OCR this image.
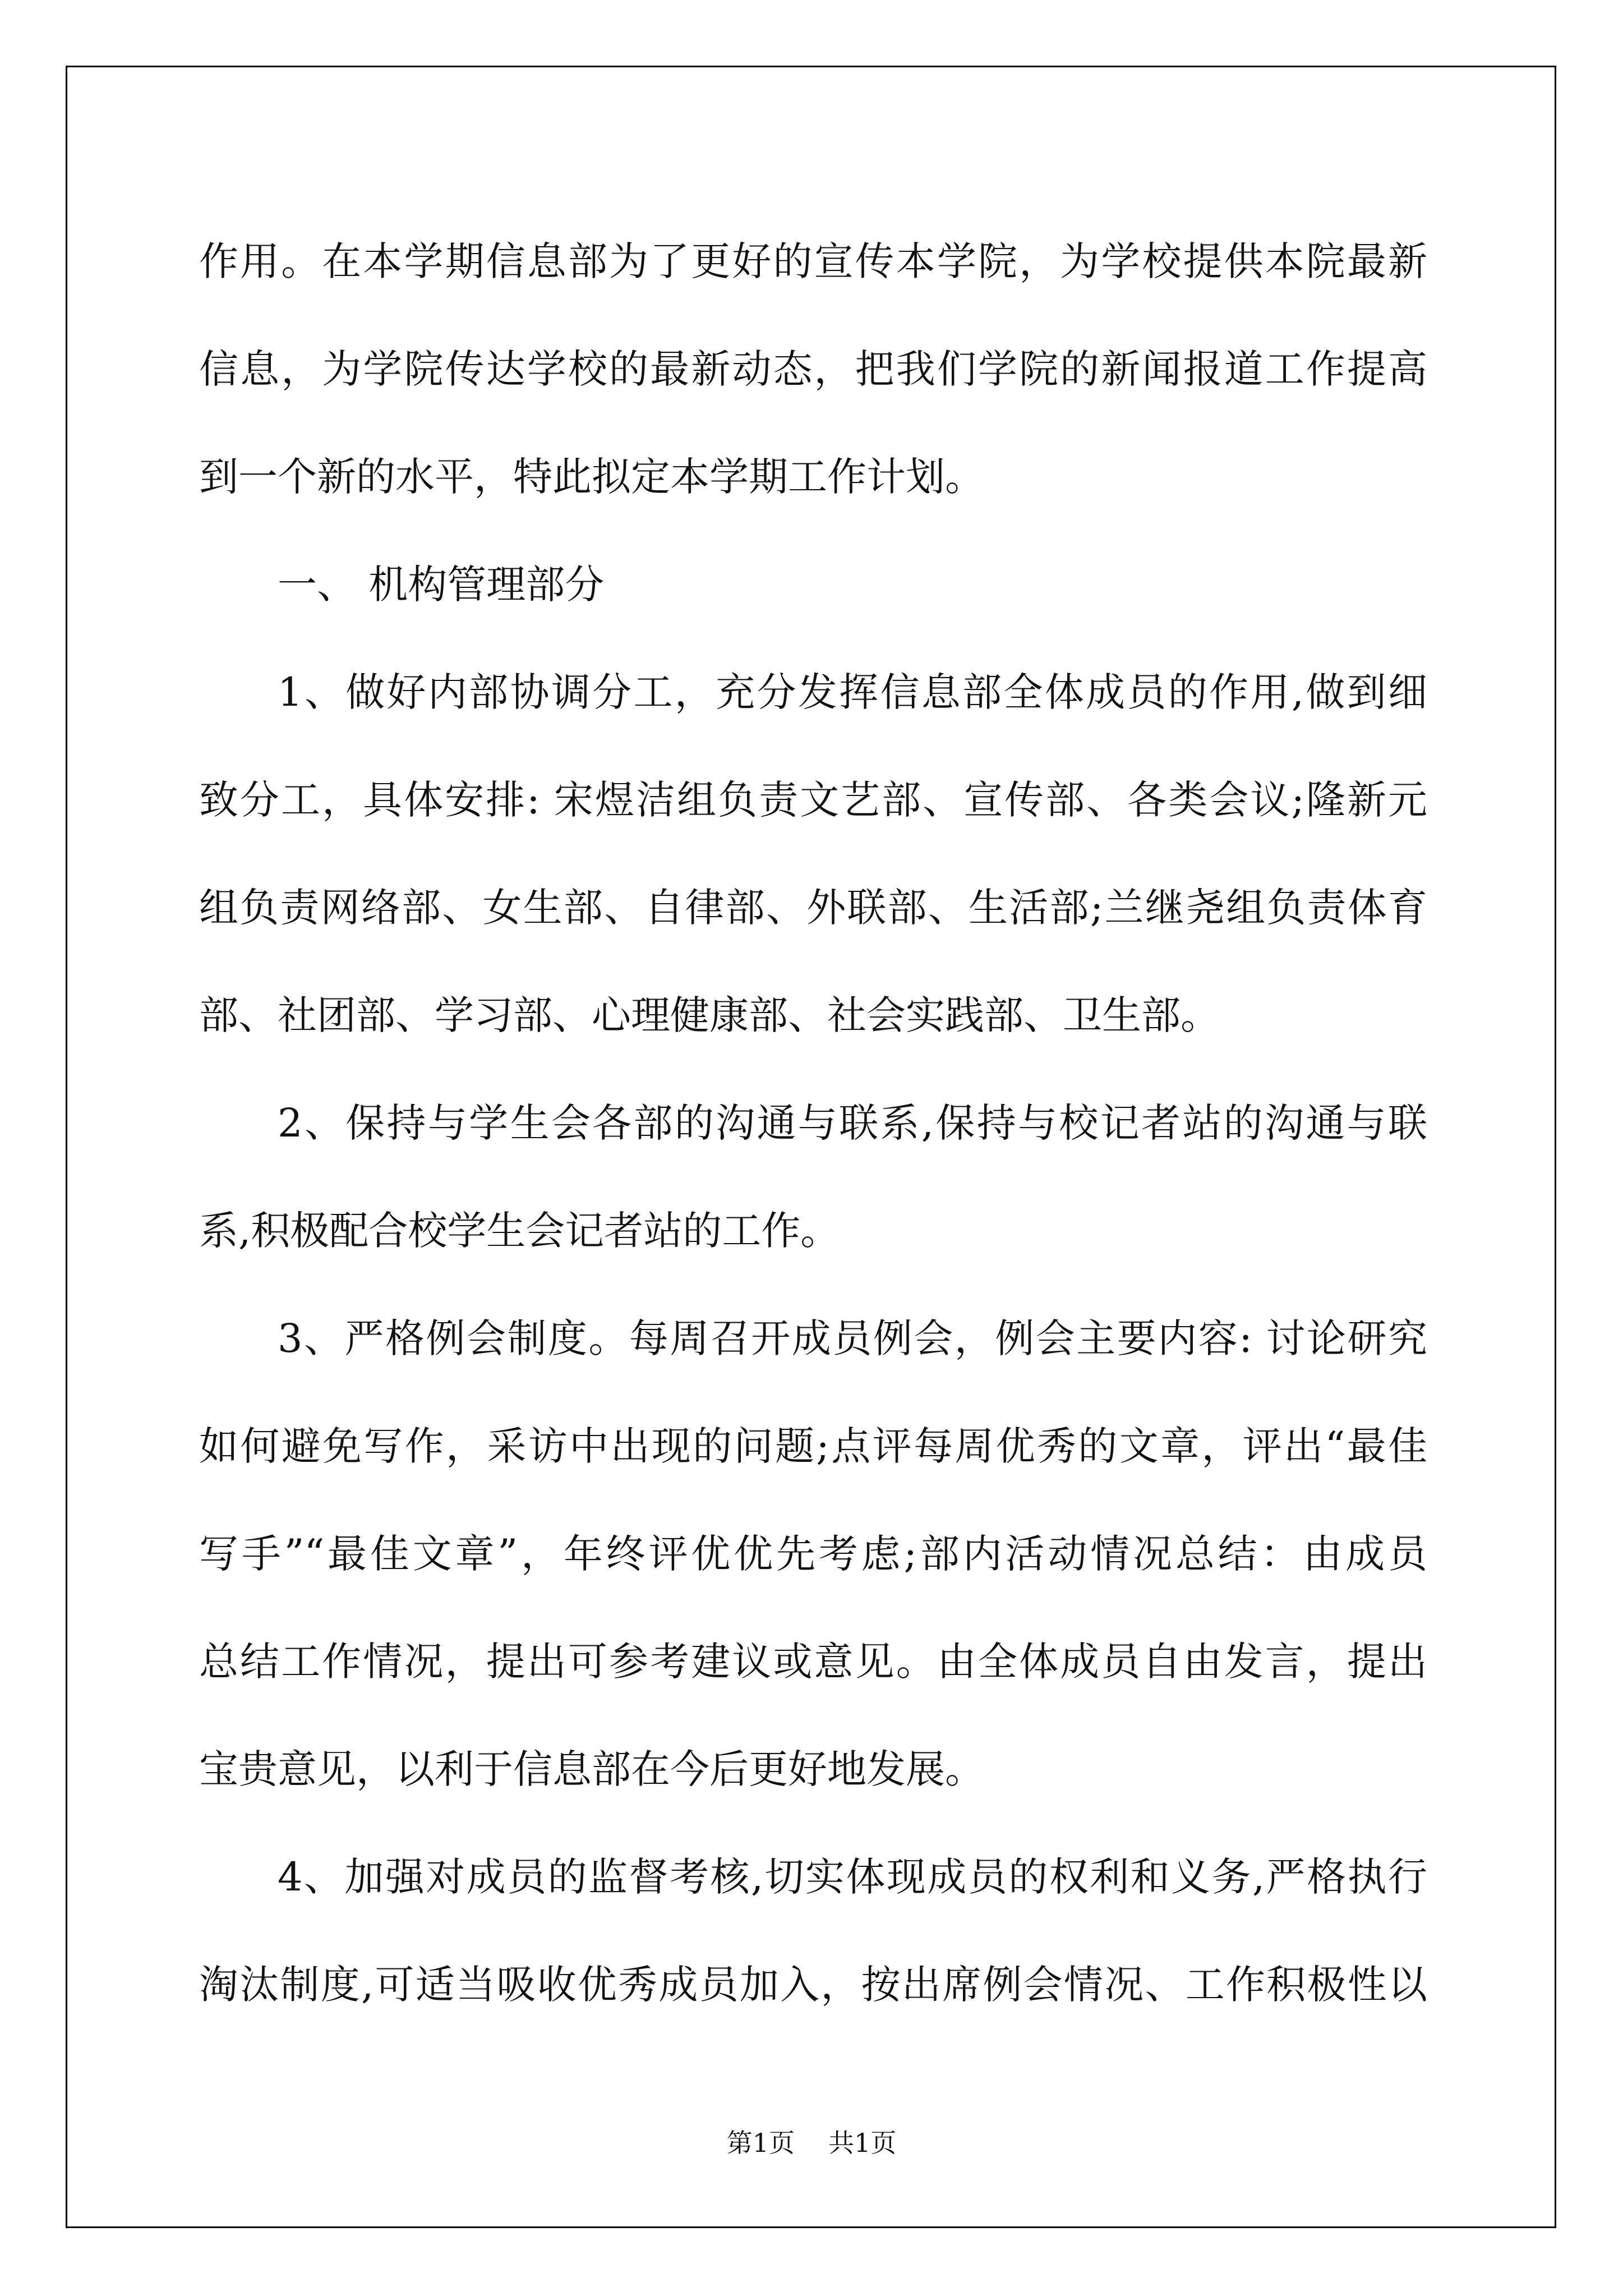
作用。在本学期信息部为了更好的宣传本学院，为学校提供本院最新
信息，为学院传达学校的最新动态，把我们学院的新闻报道工作提高
到一个新的水平，特此拟定本学期工作计划。
一、 机构管理部分
1、做好内部协调分工，充分发挥信息部全体成员的作用,做到细
致分工，具体安排: 宋煜洁组负责文艺部、宣传部、各类会议;隆新元
组负责网络部、女生部、自律部、外联部、生活部;兰继尧组负责体育
部、社团部、学习部、心理健康部、社会实践部、卫生部。
2、保持与学生会各部的沟通与联系,保持与校记者站的沟通与联
系,积极配合校学生会记者站的工作。
3、严格例会制度。每周召开成员例会，例会主要内容: 讨论研究
如何避免写作，采访中出现的问题;点评每周优秀的文章，评出“最佳
写手”“最佳文章”，年终评优优先考虑;部内活动情况总结：由成员
总结工作情况，提出可参考建议或意见。由全体成员自由发言，提出
宝贵意见，以利于信息部在今后更好地发展。
4、加强对成员的监督考核,切实体现成员的权利和义务,严格执行
淘汰制度,可适当吸收优秀成员加入，按出席例会情况、工作积极性以
第1页 共1页
